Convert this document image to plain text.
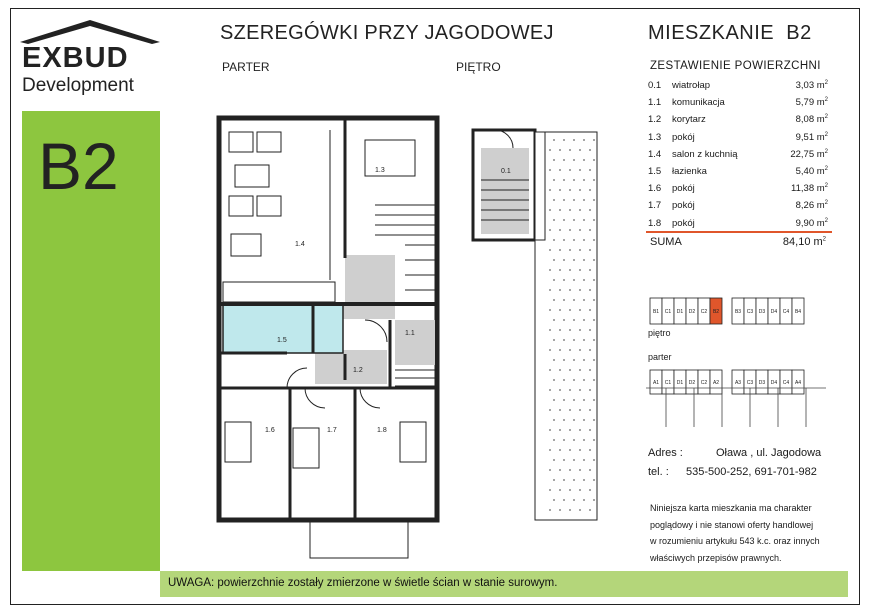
EXBUD
Development
B2
SZEREGÓWKI PRZY JAGODOWEJ
PARTER	PIĘTRO
MIESZKANIE B2
1.4
1.3
1.5
1.1
1.2
1.6	1.7	1.8
0.1
ZESTAWIENIE POWIERZCHNI
0.1 wiatrołap	3,03 $m^2$
1.1 komunikacja	5,79 $m^2$
1.2 korytarz	8,08 $m^2$
1.3 pokój	9,51 $m^2$
1.4 salon z kuchnią	22,75 $m^2$
1.5 łazienka	5,40 $m^2$
1.6 pokój	11,38 $m^2$
1.7 pokój	8,26 $m^2$
1.8 pokój	9,90 $m^2$
SUMA	84,10 $m^2$
B1 C1 D1 D2 C2 B2	B3 C3 D3 D4 C4 B4
piętro
parter
A1 C1 D1 D2 C2 A2	A3 C3 D3 D4 C4 A4
Adres :	Oława , ul. Jagodowa
tel. : 535-500-252, 691-701-982
Niniejsza karta mieszkania ma charakter
poglądowy i nie stanowi oferty handlowej
w rozumieniu artykułu 543 k.c. oraz innych
właściwych przepisów prawnych.
UWAGA: powierzchnie zostały zmierzone w świetle ścian w stanie surowym.
